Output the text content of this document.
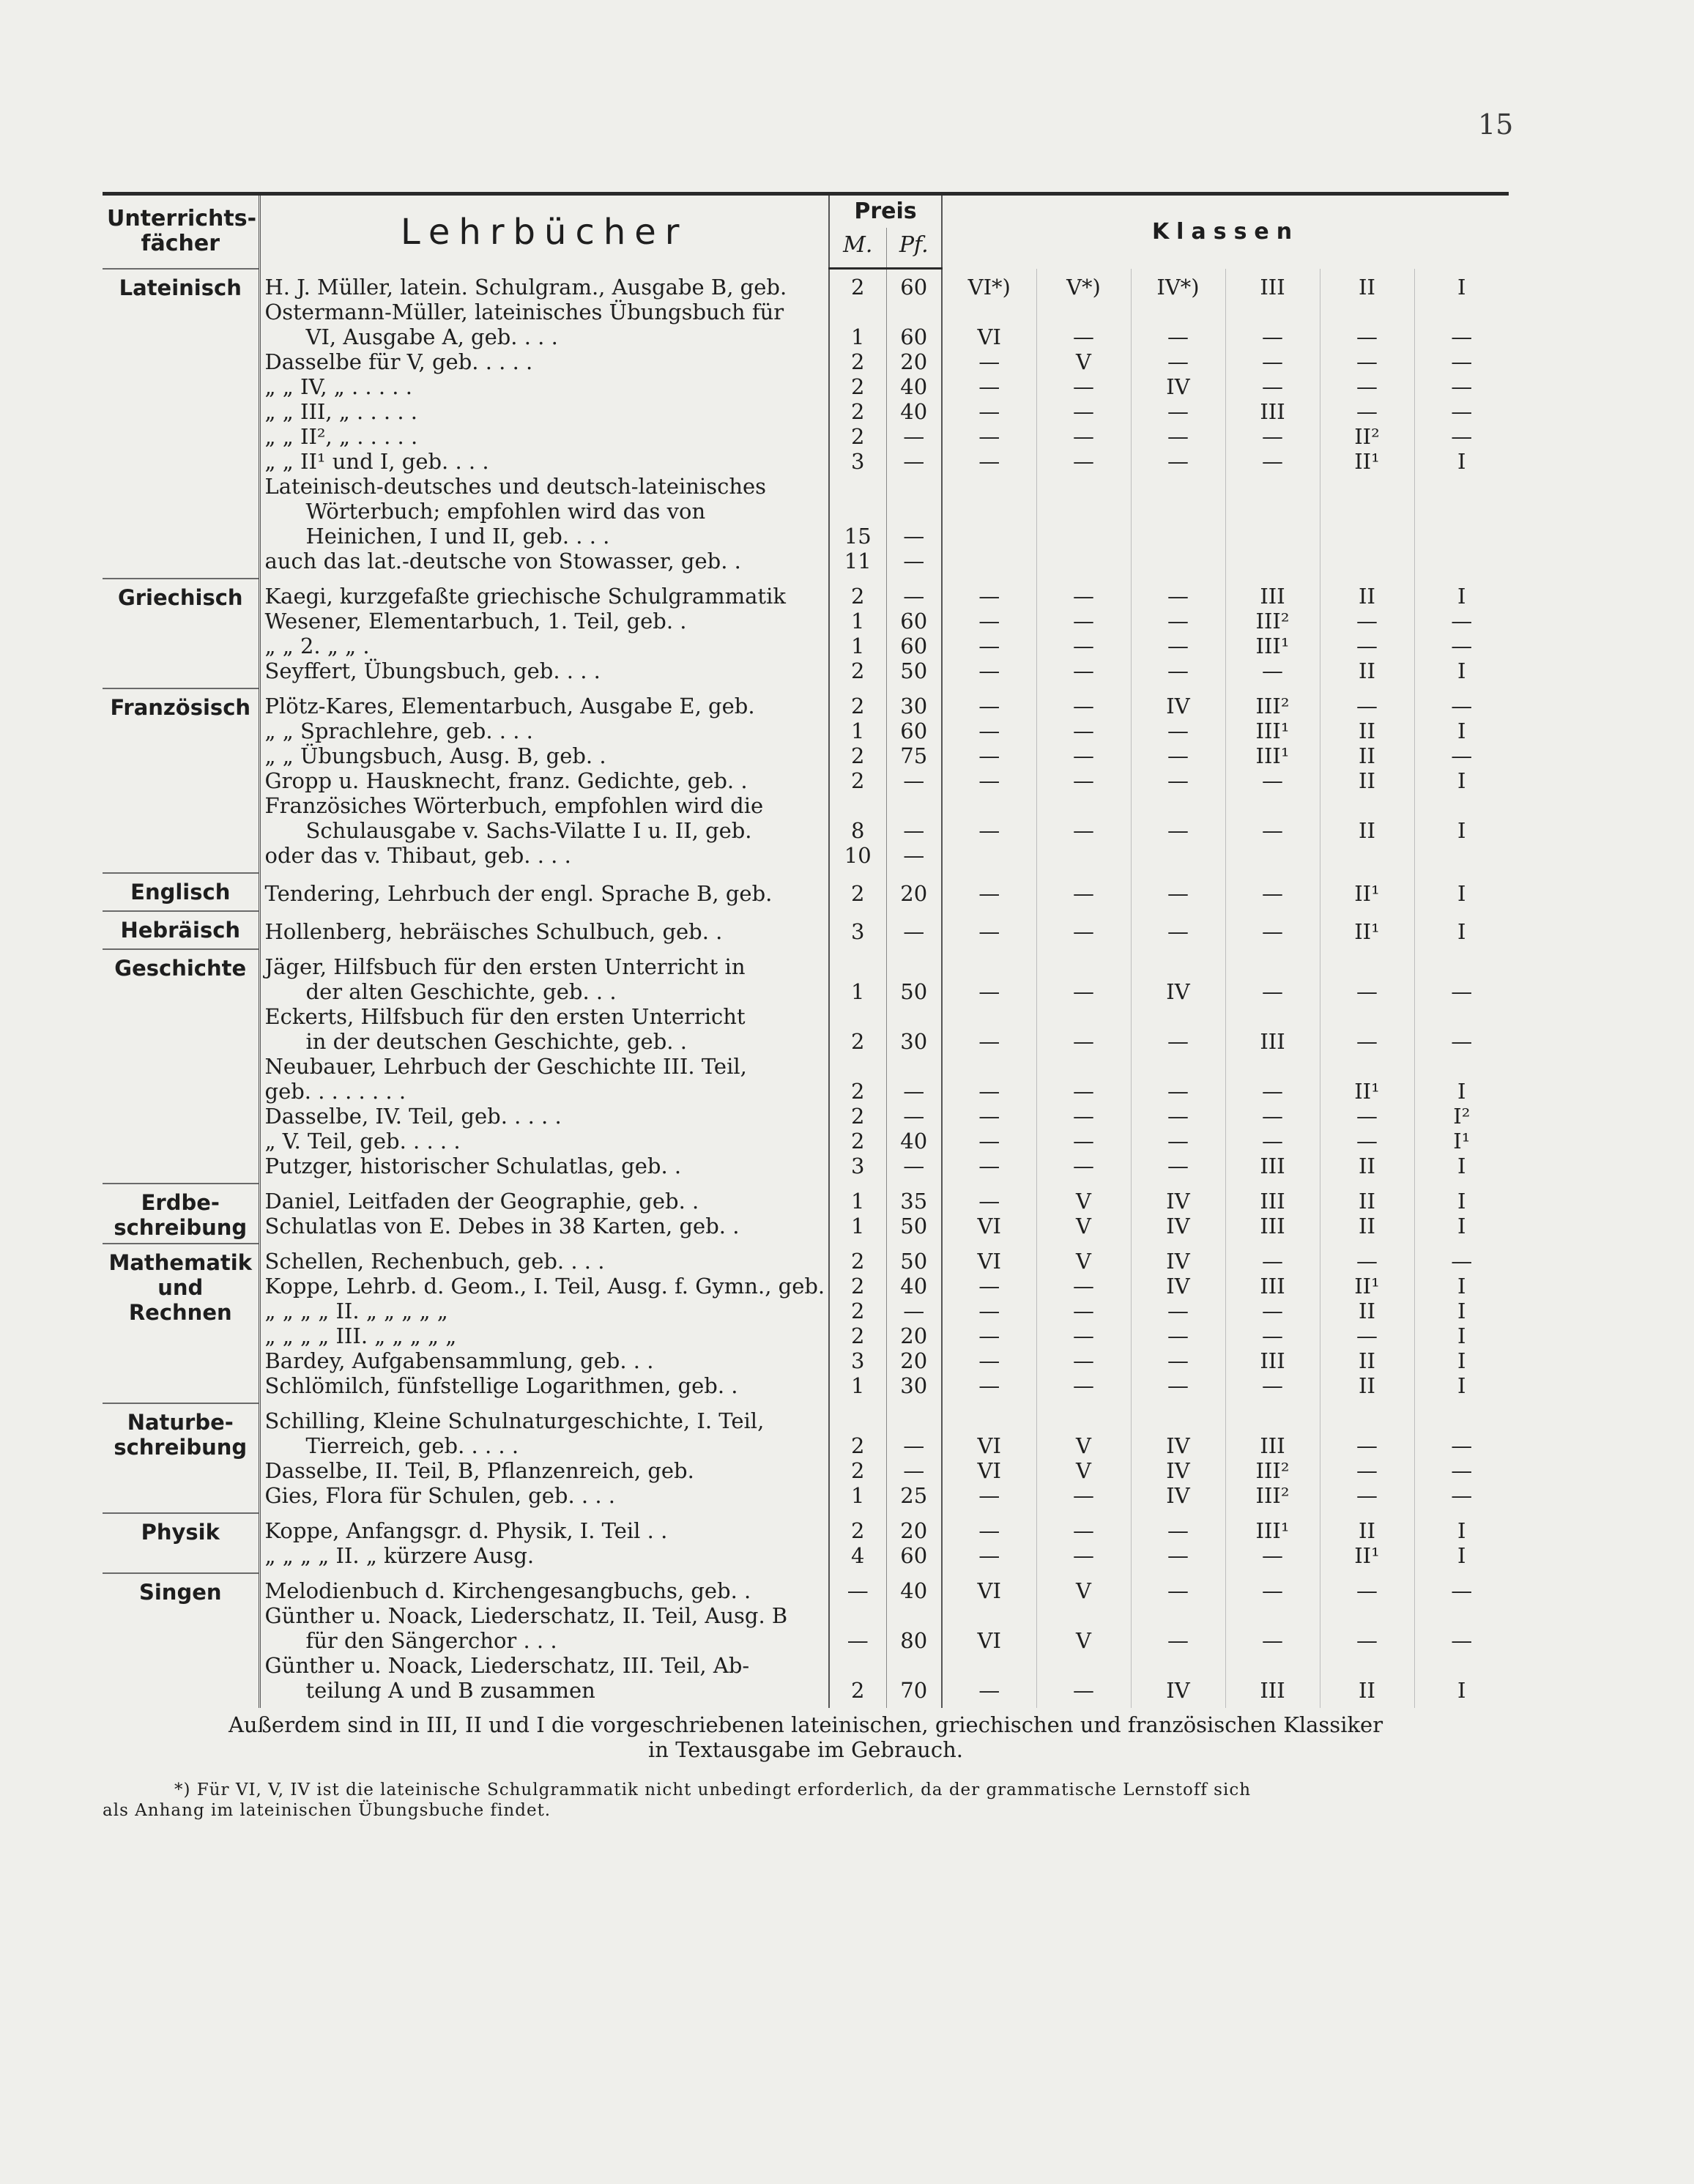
15
Unterrichts-
fächer	Lehrbücher	Preis		Klassen					
		M.	Pf.						
Lateinisch	H. J. Müller, latein. Schulgram., Ausgabe B, geb.	2	60	VI*)	V*)	IV*)	III	II	I
	Ostermann-Müller, lateinisches Übungsbuch für								
	VI, Ausgabe A, geb. . . .	1	60	VI	—	—	—	—	—
	Dasselbe für V, geb. . . . .	2	20	—	V	—	—	—	—
	„ „ IV, „ . . . . .	2	40	—	—	IV	—	—	—
	„ „ III, „ . . . . .	2	40	—	—	—	III	—	—
	„ „ II², „ . . . . .	2	—	—	—	—	—	II²	—
	„ „ II¹ und I, geb. . . .	3	—	—	—	—	—	II¹	I
	Lateinisch-deutsches und deutsch-lateinisches								
	Wörterbuch; empfohlen wird das von								
	Heinichen, I und II, geb. . . .	15	—						
	auch das lat.-deutsche von Stowasser, geb. .	11	—						
Griechisch	Kaegi, kurzgefaßte griechische Schulgrammatik	2	—	—	—	—	III	II	I
	Wesener, Elementarbuch, 1. Teil, geb. .	1	60	—	—	—	III²	—	—
	„ „ 2. „ „ .	1	60	—	—	—	III¹	—	—
	Seyffert, Übungsbuch, geb. . . .	2	50	—	—	—	—	II	I
Französisch	Plötz-Kares, Elementarbuch, Ausgabe E, geb.	2	30	—	—	IV	III²	—	—
	„ „ Sprachlehre, geb. . . .	1	60	—	—	—	III¹	II	I
	„ „ Übungsbuch, Ausg. B, geb. .	2	75	—	—	—	III¹	II	—
	Gropp u. Hausknecht, franz. Gedichte, geb. .	2	—	—	—	—	—	II	I
	Französiches Wörterbuch, empfohlen wird die								
	Schulausgabe v. Sachs-Vilatte I u. II, geb.	8	—	—	—	—	—	II	I
	oder das v. Thibaut, geb. . . .	10	—						
Englisch	Tendering, Lehrbuch der engl. Sprache B, geb.	2	20	—	—	—	—	II¹	I
Hebräisch	Hollenberg, hebräisches Schulbuch, geb. .	3	—	—	—	—	—	II¹	I
Geschichte	Jäger, Hilfsbuch für den ersten Unterricht in								
	der alten Geschichte, geb. . .	1	50	—	—	IV	—	—	—
	Eckerts, Hilfsbuch für den ersten Unterricht								
	in der deutschen Geschichte, geb. .	2	30	—	—	—	III	—	—
	Neubauer, Lehrbuch der Geschichte III. Teil,								
	geb. . . . . . . .	2	—	—	—	—	—	II¹	I
	Dasselbe, IV. Teil, geb. . . . .	2	—	—	—	—	—	—	I²
	„ V. Teil, geb. . . . .	2	40	—	—	—	—	—	I¹
	Putzger, historischer Schulatlas, geb. .	3	—	—	—	—	III	II	I
Erdbe-
schreibung	Daniel, Leitfaden der Geographie, geb. .	1	35	—	V	IV	III	II	I
	Schulatlas von E. Debes in 38 Karten, geb. .	1	50	VI	V	IV	III	II	I
Mathematik
und
Rechnen	Schellen, Rechenbuch, geb. . . .	2	50	VI	V	IV	—	—	—
	Koppe, Lehrb. d. Geom., I. Teil, Ausg. f. Gymn., geb.	2	40	—	—	IV	III	II¹	I
	„ „ „ „ II. „ „ „ „ „	2	—	—	—	—	—	II	I
	„ „ „ „ III. „ „ „ „ „	2	20	—	—	—	—	—	I
	Bardey, Aufgabensammlung, geb. . .	3	20	—	—	—	III	II	I
	Schlömilch, fünfstellige Logarithmen, geb. .	1	30	—	—	—	—	II	I
Naturbe-
schreibung	Schilling, Kleine Schulnaturgeschichte, I. Teil,								
	Tierreich, geb. . . . .	2	—	VI	V	IV	III	—	—
	Dasselbe, II. Teil, B, Pflanzenreich, geb.	2	—	VI	V	IV	III²	—	—
	Gies, Flora für Schulen, geb. . . .	1	25	—	—	IV	III²	—	—
Physik	Koppe, Anfangsgr. d. Physik, I. Teil . .	2	20	—	—	—	III¹	II	I
	„ „ „ „ II. „ kürzere Ausg.	4	60	—	—	—	—	II¹	I
Singen	Melodienbuch d. Kirchengesangbuchs, geb. .	—	40	VI	V	—	—	—	—
	Günther u. Noack, Liederschatz, II. Teil, Ausg. B								
	für den Sängerchor . . .	—	80	VI	V	—	—	—	—
	Günther u. Noack, Liederschatz, III. Teil, Ab-								
	teilung A und B zusammen	2	70	—	—	IV	III	II	I
Außerdem sind in III, II und I die vorgeschriebenen lateinischen, griechischen und französischen Klassiker
in Textausgabe im Gebrauch.
*) Für VI, V, IV ist die lateinische Schulgrammatik nicht unbedingt erforderlich, da der grammatische Lernstoff sich
als Anhang im lateinischen Übungsbuche findet.
